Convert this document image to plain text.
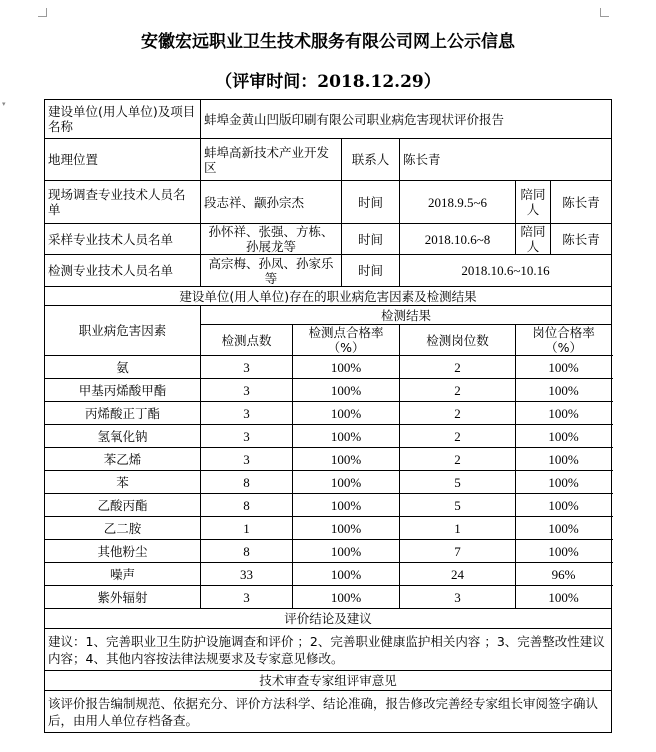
▾
安徽宏远职业卫生技术服务有限公司网上公示信息
（评审时间：2018.12.29）
建设单位(用人单位)及项目名称	蚌埠金黄山凹版印刷有限公司职业病危害现状评价报告					
地理位置	蚌埠高新技术产业开发区		联系人	陈长青		
现场调查专业技术人员名单	段志祥、颛孙宗杰		时间	2018.9.5~6	陪同人	陈长青
采样专业技术人员名单	孙怀祥、张强、方栋、孙展龙等		时间	2018.10.6~8	陪同人	陈长青
检测专业技术人员名单	高宗梅、孙凤、孙家乐等		时间	2018.10.6~10.16		
建设单位(用人单位)存在的职业病危害因素及检测结果						
职业病危害因素	检测结果					
	检测点数	检测点合格率（%）		检测岗位数	岗位合格率（%）	
氨	3	100%		2	100%	
甲基丙烯酸甲酯	3	100%		2	100%	
丙烯酸正丁酯	3	100%		2	100%	
氢氧化钠	3	100%		2	100%	
苯乙烯	3	100%		2	100%	
苯	8	100%		5	100%	
乙酸丙酯	8	100%		5	100%	
乙二胺	1	100%		1	100%	
其他粉尘	8	100%		7	100%	
噪声	33	100%		24	96%	
紫外辐射	3	100%		3	100%	
评价结论及建议						
建议：1、完善职业卫生防护设施调查和评价 ；2、完善职业健康监护相关内容 ；3、完善整改性建议内容；4、其他内容按法律法规要求及专家意见修改。						
技术审查专家组评审意见						
该评价报告编制规范、依据充分、评价方法科学、结论准确，报告修改完善经专家组长审阅签字确认后，由用人单位存档备查。						
